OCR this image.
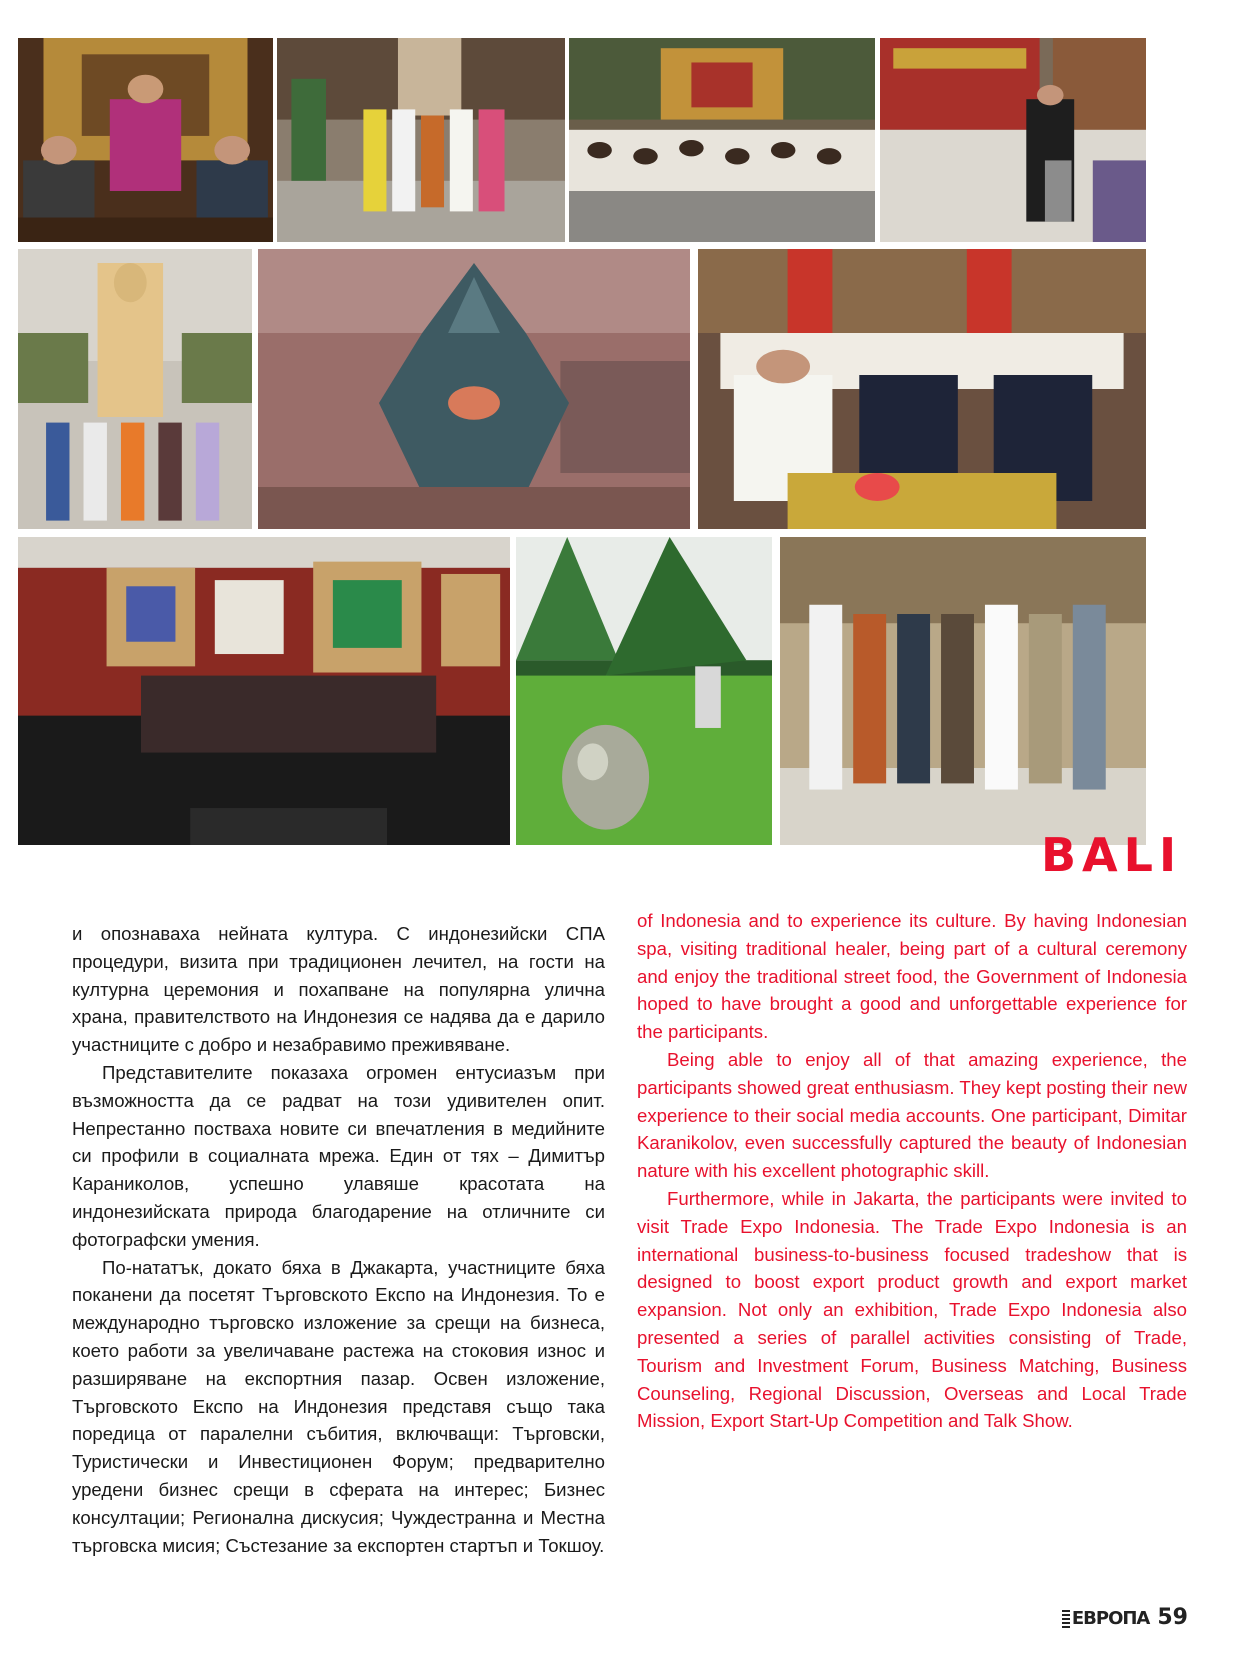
BALI

и опознаваха нейната култура. С индонезийски СПА процедури, визита при традиционен лечител, на гости на културна церемония и похапване на популярна улична храна, правителството на Индонезия се надява да е дарило участниците с добро и незабравимо преживяване.

Представителите показаха огромен ентусиазъм при възможността да се радват на този удивителен опит. Непрестанно постваха новите си впечатления в медийните си профили в социалната мрежа. Един от тях – Димитър Караниколов, успешно улавяше красотата на индонезийската природа благодарение на отличните си фотографски умения.

По-нататък, докато бяха в Джакарта, участниците бяха поканени да посетят Търговското Експо на Индонезия. То е международно търговско изложение за срещи на бизнеса, което работи за увеличаване растежа на стоковия износ и разширяване на експортния пазар. Освен изложение, Търговското Експо на Индонезия представя също така поредица от паралелни събития, включващи: Търговски, Туристически и Инвестиционен Форум; предварително уредени бизнес срещи в сферата на интерес; Бизнес консултации; Регионална дискусия; Чуждестранна и Местна търговска мисия; Състезание за експортен стартъп и Токшоу.

of Indonesia and to experience its culture. By having Indonesian spa, visiting traditional healer, being part of a cultural ceremony and enjoy the traditional street food, the Government of Indonesia hoped to have brought a good and unforgettable experience for the participants.

Being able to enjoy all of that amazing experience, the participants showed great enthusiasm. They kept posting their new experience to their social media accounts. One participant, Dimitar Karanikolov, even successfully captured the beauty of Indonesian nature with his excellent photographic skill.

Furthermore, while in Jakarta, the participants were invited to visit Trade Expo Indonesia. The Trade Expo Indonesia is an international business-to-business focused tradeshow that is designed to boost export product growth and export market expansion. Not only an exhibition, Trade Expo Indonesia also presented a series of parallel activities consisting of Trade, Tourism and Investment Forum, Business Matching, Business Counseling, Regional Discussion, Overseas and Local Trade Mission, Export Start-Up Competition and Talk Show.

ЕВРОПА 59
